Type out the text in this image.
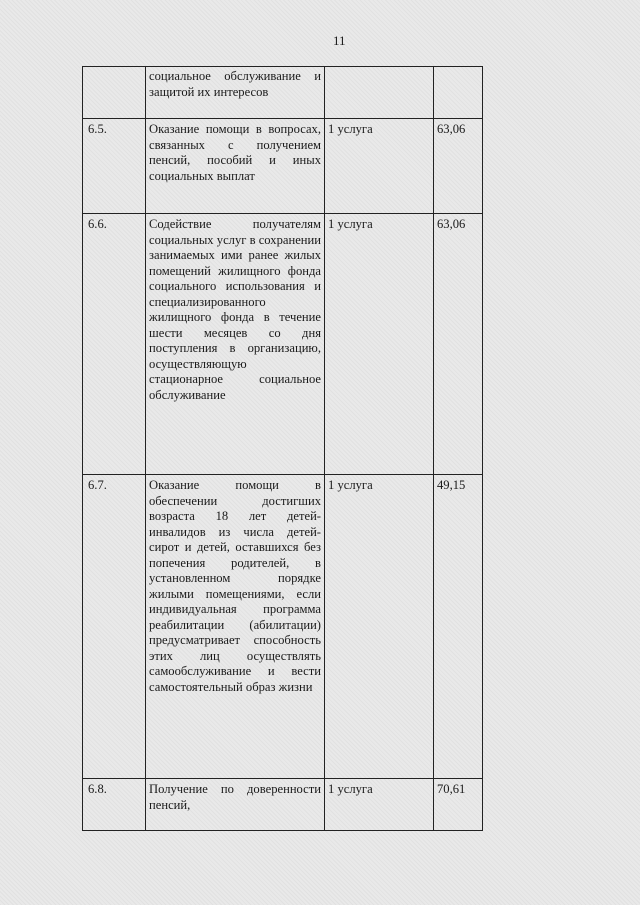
11
	социальное обслуживание и защитой их интересов		
6.5.	Оказание помощи в вопросах, связанных с получением пенсий, пособий и иных социальных выплат	1 услуга	63,06
6.6.	Содействие получателям социальных услуг в сохранении занимаемых ими ранее жилых помещений жилищного фонда социального использования и специализированного жилищного фонда в течение шести месяцев со дня поступления в организацию, осуществляющую стационарное социальное обслуживание	1 услуга	63,06
6.7.	Оказание помощи в обеспечении достигших возраста 18 лет детей-инвалидов из числа детей-сирот и детей, оставшихся без попечения родителей, в установленном порядке жилыми помещениями, если индивидуальная программа реабилитации (абилитации) предусматривает способность этих лиц осуществлять самообслуживание и вести самостоятельный образ жизни	1 услуга	49,15
6.8.	Получение по доверенности пенсий,	1 услуга	70,61
